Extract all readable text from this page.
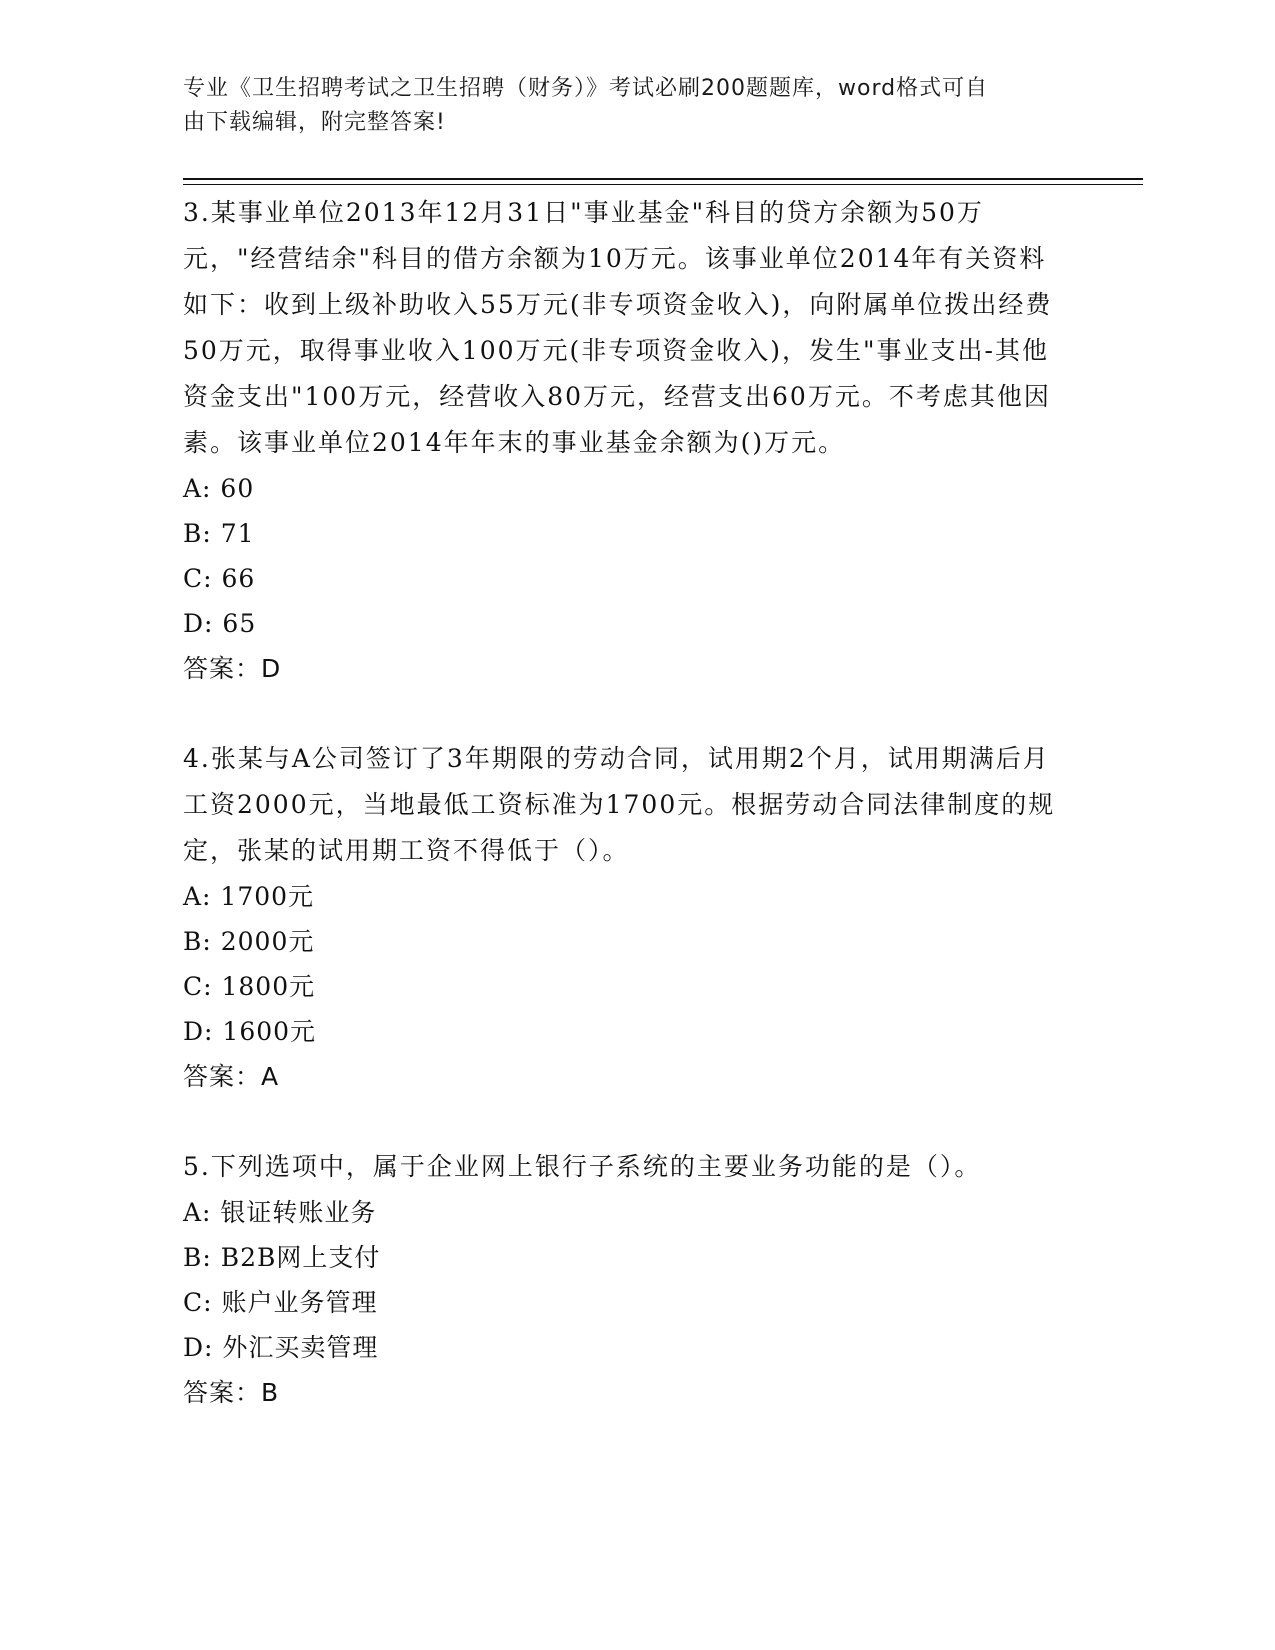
专业《卫生招聘考试之卫生招聘（财务）》考试必刷200题题库，word格式可自
由下载编辑，附完整答案!

3.某事业单位2013年12月31日"事业基金"科目的贷方余额为50万元，"经营结余"科目的借方余额为10万元。该事业单位2014年有关资料如下：收到上级补助收入55万元(非专项资金收入)，向附属单位拨出经费50万元，取得事业收入100万元(非专项资金收入)，发生"事业支出-其他资金支出"100万元，经营收入80万元，经营支出60万元。不考虑其他因素。该事业单位2014年年末的事业基金余额为()万元。

A: 60

B: 71

C: 66

D: 65

答案：D

4.张某与A公司签订了3年期限的劳动合同，试用期2个月，试用期满后月工资2000元，当地最低工资标准为1700元。根据劳动合同法律制度的规定，张某的试用期工资不得低于（）。

A: 1700元

B: 2000元

C: 1800元

D: 1600元

答案：A

5.下列选项中，属于企业网上银行子系统的主要业务功能的是（）。

A: 银证转账业务

B: B2B网上支付

C: 账户业务管理

D: 外汇买卖管理

答案：B
